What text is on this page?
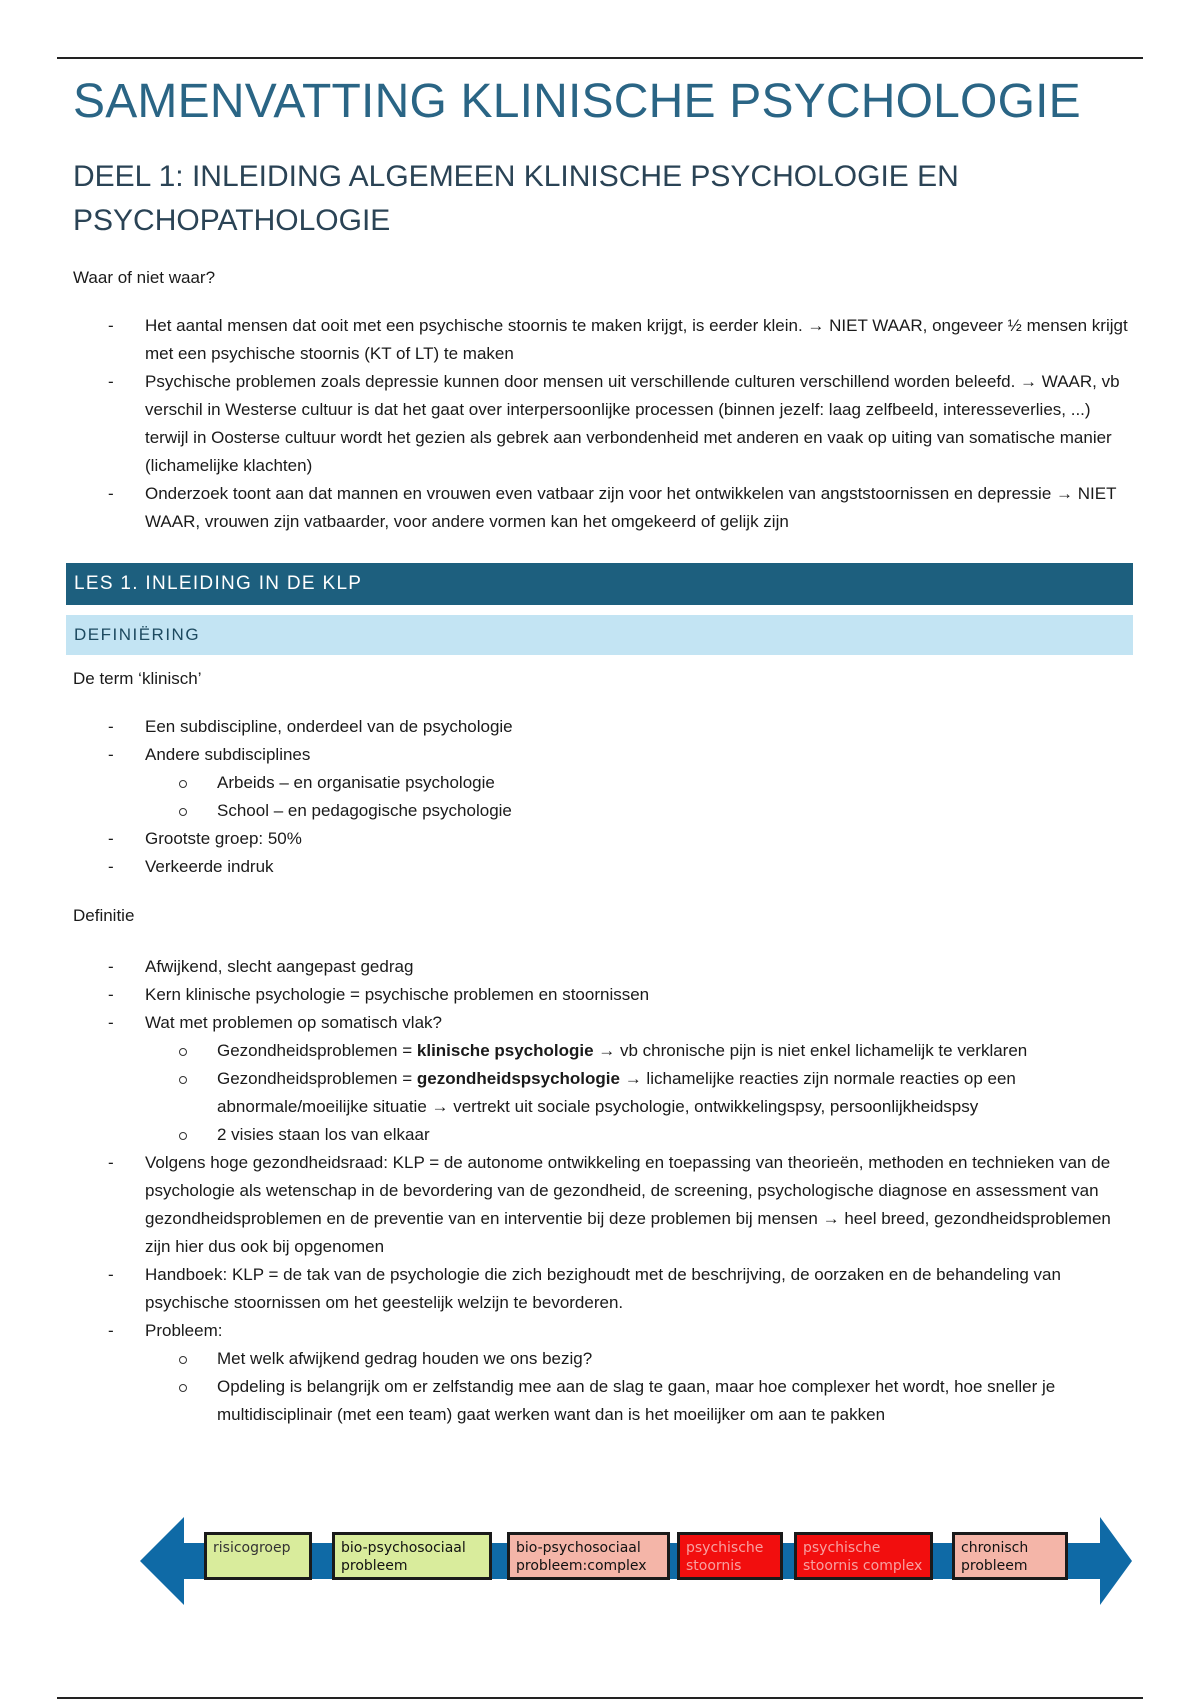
SAMENVATTING KLINISCHE PSYCHOLOGIE
DEEL 1: INLEIDING ALGEMEEN KLINISCHE PSYCHOLOGIE EN PSYCHOPATHOLOGIE
Waar of niet waar?
- Het aantal mensen dat ooit met een psychische stoornis te maken krijgt, is eerder klein. → NIET WAAR, ongeveer ½ mensen krijgt met een psychische stoornis (KT of LT) te maken
- Psychische problemen zoals depressie kunnen door mensen uit verschillende culturen verschillend worden beleefd. → WAAR, vb verschil in Westerse cultuur is dat het gaat over interpersoonlijke processen (binnen jezelf: laag zelfbeeld, interesseverlies, ...) terwijl in Oosterse cultuur wordt het gezien als gebrek aan verbondenheid met anderen en vaak op uiting van somatische manier (lichamelijke klachten)
- Onderzoek toont aan dat mannen en vrouwen even vatbaar zijn voor het ontwikkelen van angststoornissen en depressie → NIET WAAR, vrouwen zijn vatbaarder, voor andere vormen kan het omgekeerd of gelijk zijn
LES 1. INLEIDING IN DE KLP
DEFINIËRING
De term ‘klinisch’
- Een subdiscipline, onderdeel van de psychologie
- Andere subdisciplines
Arbeids – en organisatie psychologie
School – en pedagogische psychologie
- Grootste groep: 50%
- Verkeerde indruk
Definitie
- Afwijkend, slecht aangepast gedrag
- Kern klinische psychologie = psychische problemen en stoornissen
- Wat met problemen op somatisch vlak?
Gezondheidsproblemen = klinische psychologie → vb chronische pijn is niet enkel lichamelijk te verklaren
Gezondheidsproblemen = gezondheidspsychologie → lichamelijke reacties zijn normale reacties op een abnormale/moeilijke situatie → vertrekt uit sociale psychologie, ontwikkelingspsy, persoonlijkheidspsy
2 visies staan los van elkaar
- Volgens hoge gezondheidsraad: KLP = de autonome ontwikkeling en toepassing van theorieën, methoden en technieken van de psychologie als wetenschap in de bevordering van de gezondheid, de screening, psychologische diagnose en assessment van gezondheidsproblemen en de preventie van en interventie bij deze problemen bij mensen → heel breed, gezondheidsproblemen zijn hier dus ook bij opgenomen
- Handboek: KLP = de tak van de psychologie die zich bezighoudt met de beschrijving, de oorzaken en de behandeling van psychische stoornissen om het geestelijk welzijn te bevorderen.
- Probleem:
Met welk afwijkend gedrag houden we ons bezig?
Opdeling is belangrijk om er zelfstandig mee aan de slag te gaan, maar hoe complexer het wordt, hoe sneller je multidisciplinair (met een team) gaat werken want dan is het moeilijker om aan te pakken
risicogroep	bio-psychosociaal probleem
bio-psychosociaal probleem:complex
psychische stoornis
psychische stoornis complex
chronisch probleem
